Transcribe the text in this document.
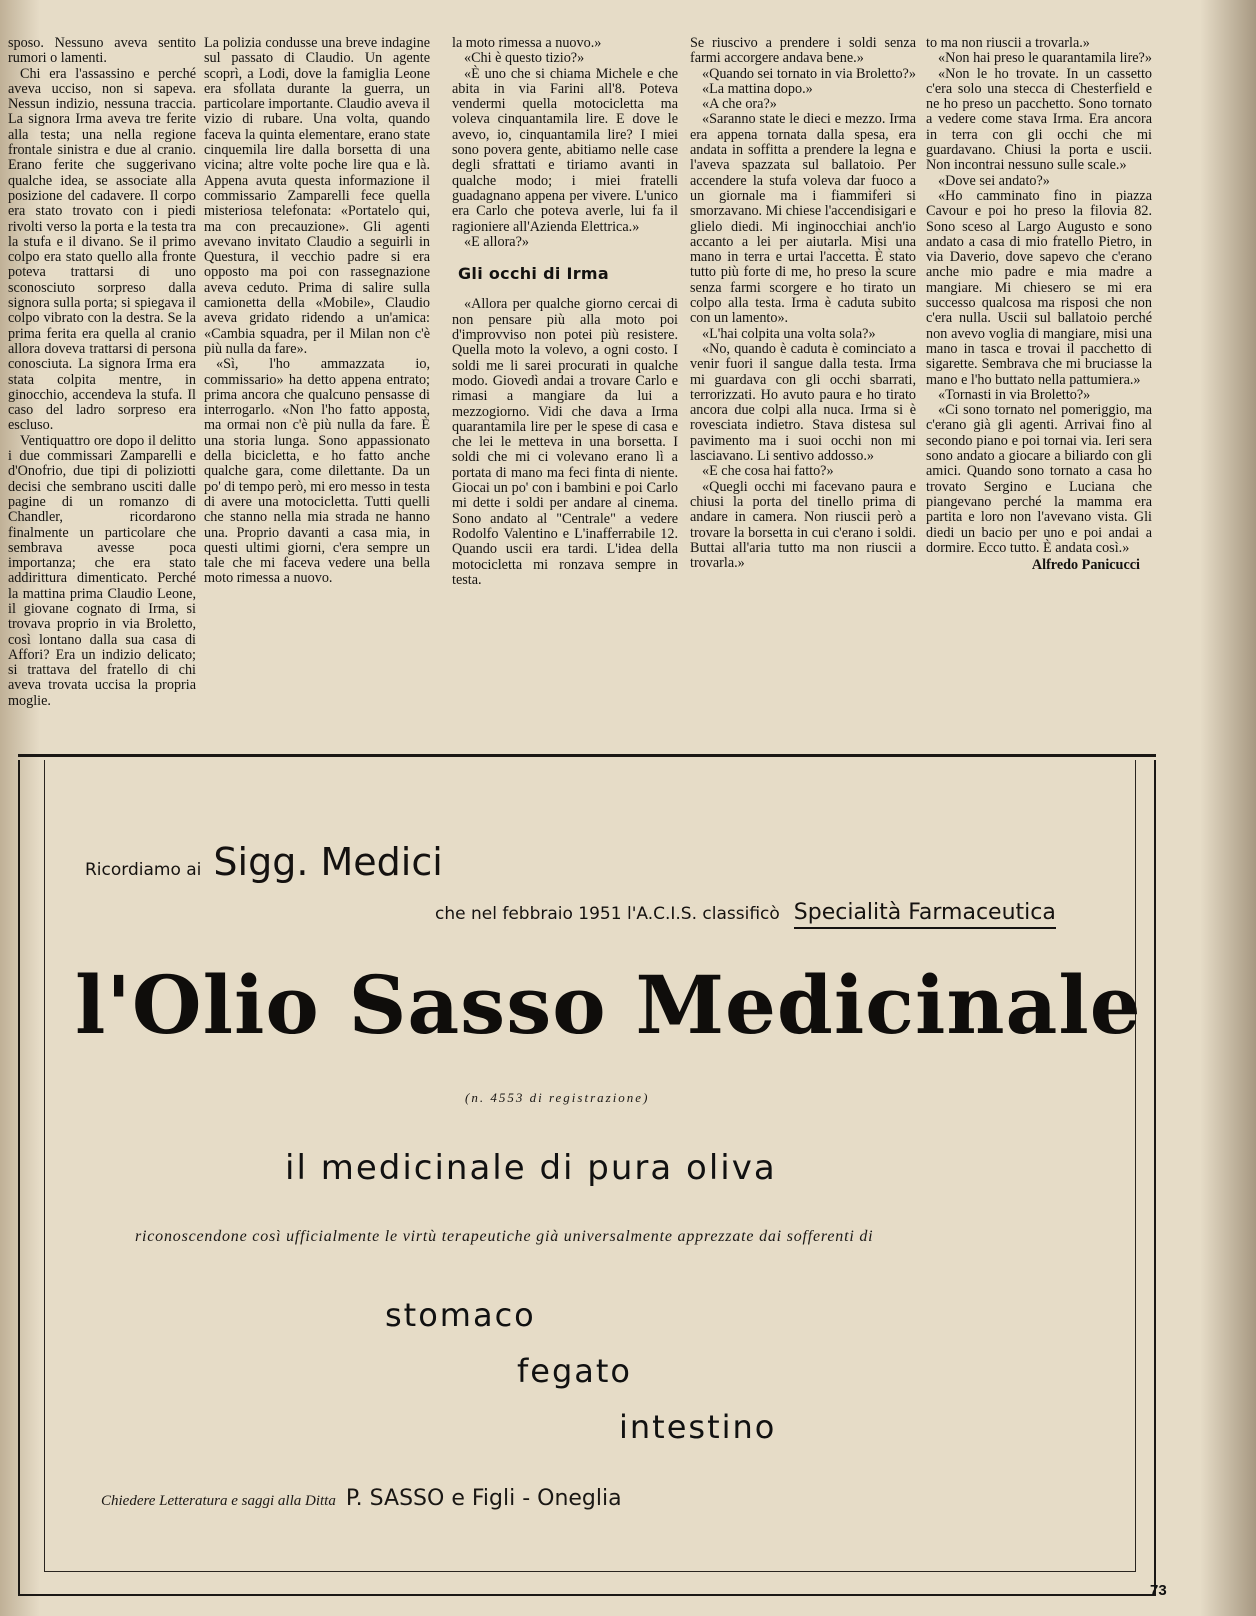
sposo. Nessuno aveva sentito rumori o lamenti.

Chi era l'assassino e perché aveva ucciso, non si sapeva. Nessun indizio, nessuna traccia. La signora Irma aveva tre ferite alla testa; una nella regione frontale sinistra e due al cranio. Erano ferite che suggerivano qualche idea, se associate alla posizione del cadavere. Il corpo era stato trovato con i piedi rivolti verso la porta e la testa tra la stufa e il divano. Se il primo colpo era stato quello alla fronte poteva trattarsi di uno sconosciuto sorpreso dalla signora sulla porta; si spiegava il colpo vibrato con la destra. Se la prima ferita era quella al cranio allora doveva trattarsi di persona conosciuta. La signora Irma era stata colpita mentre, in ginocchio, accendeva la stufa. Il caso del ladro sorpreso era escluso.

Ventiquattro ore dopo il delitto i due commissari Zamparelli e d'Onofrio, due tipi di poliziotti decisi che sembrano usciti dalle pagine di un romanzo di Chandler, ricordarono finalmente un particolare che sembrava avesse poca importanza; che era stato addirittura dimenticato. Perché la mattina prima Claudio Leone, il giovane cognato di Irma, si trovava proprio in via Broletto, così lontano dalla sua casa di Affori? Era un indizio delicato; si trattava del fratello di chi aveva trovata uccisa la propria moglie.

La polizia condusse una breve indagine sul passato di Claudio. Un agente scoprì, a Lodi, dove la famiglia Leone era sfollata durante la guerra, un particolare importante. Claudio aveva il vizio di rubare. Una volta, quando faceva la quinta elementare, erano state cinquemila lire dalla borsetta di una vicina; altre volte poche lire qua e là. Appena avuta questa informazione il commissario Zamparelli fece quella misteriosa telefonata: «Portatelo qui, ma con precauzione». Gli agenti avevano invitato Claudio a seguirli in Questura, il vecchio padre si era opposto ma poi con rassegnazione aveva ceduto. Prima di salire sulla camionetta della «Mobile», Claudio aveva gridato ridendo a un'amica: «Cambia squadra, per il Milan non c'è più nulla da fare».

«Sì, l'ho ammazzata io, commissario» ha detto appena entrato; prima ancora che qualcuno pensasse di interrogarlo. «Non l'ho fatto apposta, ma ormai non c'è più nulla da fare. È una storia lunga. Sono appassionato della bicicletta, e ho fatto anche qualche gara, come dilettante. Da un po' di tempo però, mi ero messo in testa di avere una motocicletta. Tutti quelli che stanno nella mia strada ne hanno una. Proprio davanti a casa mia, in questi ultimi giorni, c'era sempre un tale che mi faceva vedere una bella moto rimessa a nuovo.

la moto rimessa a nuovo.»

«Chi è questo tizio?»

«È uno che si chiama Michele e che abita in via Farini all'8. Poteva vendermi quella motocicletta ma voleva cinquantamila lire. E dove le avevo, io, cinquantamila lire? I miei sono povera gente, abitiamo nelle case degli sfrattati e tiriamo avanti in qualche modo; i miei fratelli guadagnano appena per vivere. L'unico era Carlo che poteva averle, lui fa il ragioniere all'Azienda Elettrica.»

«E allora?»

Gli occhi di Irma

«Allora per qualche giorno cercai di non pensare più alla moto poi d'improvviso non potei più resistere. Quella moto la volevo, a ogni costo. I soldi me li sarei procurati in qualche modo. Giovedì andai a trovare Carlo e rimasi a mangiare da lui a mezzogiorno. Vidi che dava a Irma quarantamila lire per le spese di casa e che lei le metteva in una borsetta. I soldi che mi ci volevano erano lì a portata di mano ma feci finta di niente. Giocai un po' con i bambini e poi Carlo mi dette i soldi per andare al cinema. Sono andato al "Centrale" a vedere Rodolfo Valentino e L'inafferrabile 12. Quando uscii era tardi. L'idea della motocicletta mi ronzava sempre in testa.

Se riuscivo a prendere i soldi senza farmi accorgere andava bene.»

«Quando sei tornato in via Broletto?»

«La mattina dopo.»

«A che ora?»

«Saranno state le dieci e mezzo. Irma era appena tornata dalla spesa, era andata in soffitta a prendere la legna e l'aveva spazzata sul ballatoio. Per accendere la stufa voleva dar fuoco a un giornale ma i fiammiferi si smorzavano. Mi chiese l'accendisigari e glielo diedi. Mi inginocchiai anch'io accanto a lei per aiutarla. Misi una mano in terra e urtai l'accetta. È stato tutto più forte di me, ho preso la scure senza farmi scorgere e ho tirato un colpo alla testa. Irma è caduta subito con un lamento».

«L'hai colpita una volta sola?»

«No, quando è caduta è cominciato a venir fuori il sangue dalla testa. Irma mi guardava con gli occhi sbarrati, terrorizzati. Ho avuto paura e ho tirato ancora due colpi alla nuca. Irma si è rovesciata indietro. Stava distesa sul pavimento ma i suoi occhi non mi lasciavano. Li sentivo addosso.»

«E che cosa hai fatto?»

«Quegli occhi mi facevano paura e chiusi la porta del tinello prima di andare in camera. Non riuscii però a trovare la borsetta in cui c'erano i soldi. Buttai all'aria tutto ma non riuscii a trovarla.»

to ma non riuscii a trovarla.»

«Non hai preso le quarantamila lire?»

«Non le ho trovate. In un cassetto c'era solo una stecca di Chesterfield e ne ho preso un pacchetto. Sono tornato a vedere come stava Irma. Era ancora in terra con gli occhi che mi guardavano. Chiusi la porta e uscii. Non incontrai nessuno sulle scale.»

«Dove sei andato?»

«Ho camminato fino in piazza Cavour e poi ho preso la filovia 82. Sono sceso al Largo Augusto e sono andato a casa di mio fratello Pietro, in via Daverio, dove sapevo che c'erano anche mio padre e mia madre a mangiare. Mi chiesero se mi era successo qualcosa ma risposi che non c'era nulla. Uscii sul ballatoio perché non avevo voglia di mangiare, misi una mano in tasca e trovai il pacchetto di sigarette. Sembrava che mi bruciasse la mano e l'ho buttato nella pattumiera.»

«Tornasti in via Broletto?»

«Ci sono tornato nel pomeriggio, ma c'erano già gli agenti. Arrivai fino al secondo piano e poi tornai via. Ieri sera sono andato a giocare a biliardo con gli amici. Quando sono tornato a casa ho trovato Sergino e Luciana che piangevano perché la mamma era partita e loro non l'avevano vista. Gli diedi un bacio per uno e poi andai a dormire. Ecco tutto. È andata così.»

Alfredo Panicucci

Ricordiamo ai Sigg. Medici
che nel febbraio 1951 l'A.C.I.S. classificò Specialità Farmaceutica
l'Olio Sasso Medicinale
(n. 4553 di registrazione)
il medicinale di pura oliva
riconoscendone così ufficialmente le virtù terapeutiche già universalmente apprezzate dai sofferenti di
stomaco
fegato
intestino
Chiedere Letteratura e saggi alla Ditta P. SASSO e Figli - Oneglia
73
